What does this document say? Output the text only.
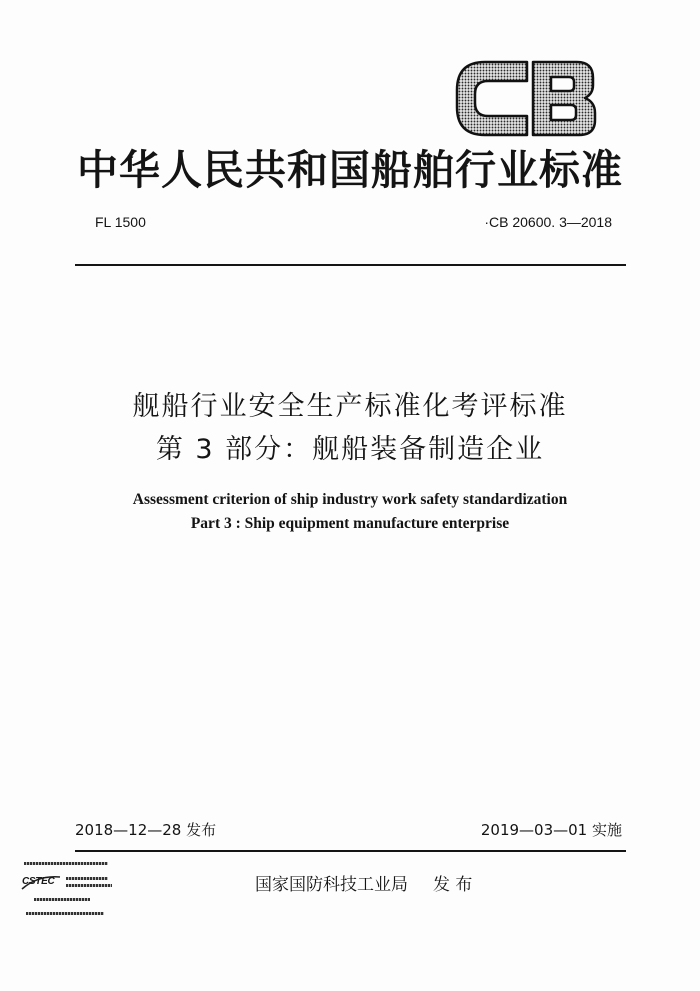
中华人民共和国船舶行业标准
FL 1500	·CB 20600. 3—2018
舰船行业安全生产标准化考评标准
第 3 部分：舰船装备制造企业
Assessment criterion of ship industry work safety standardization
Part 3 : Ship equipment manufacture enterprise
2018—12—28 发布	2019—03—01 实施
CSTEC	国家国防科技工业局 发 布
